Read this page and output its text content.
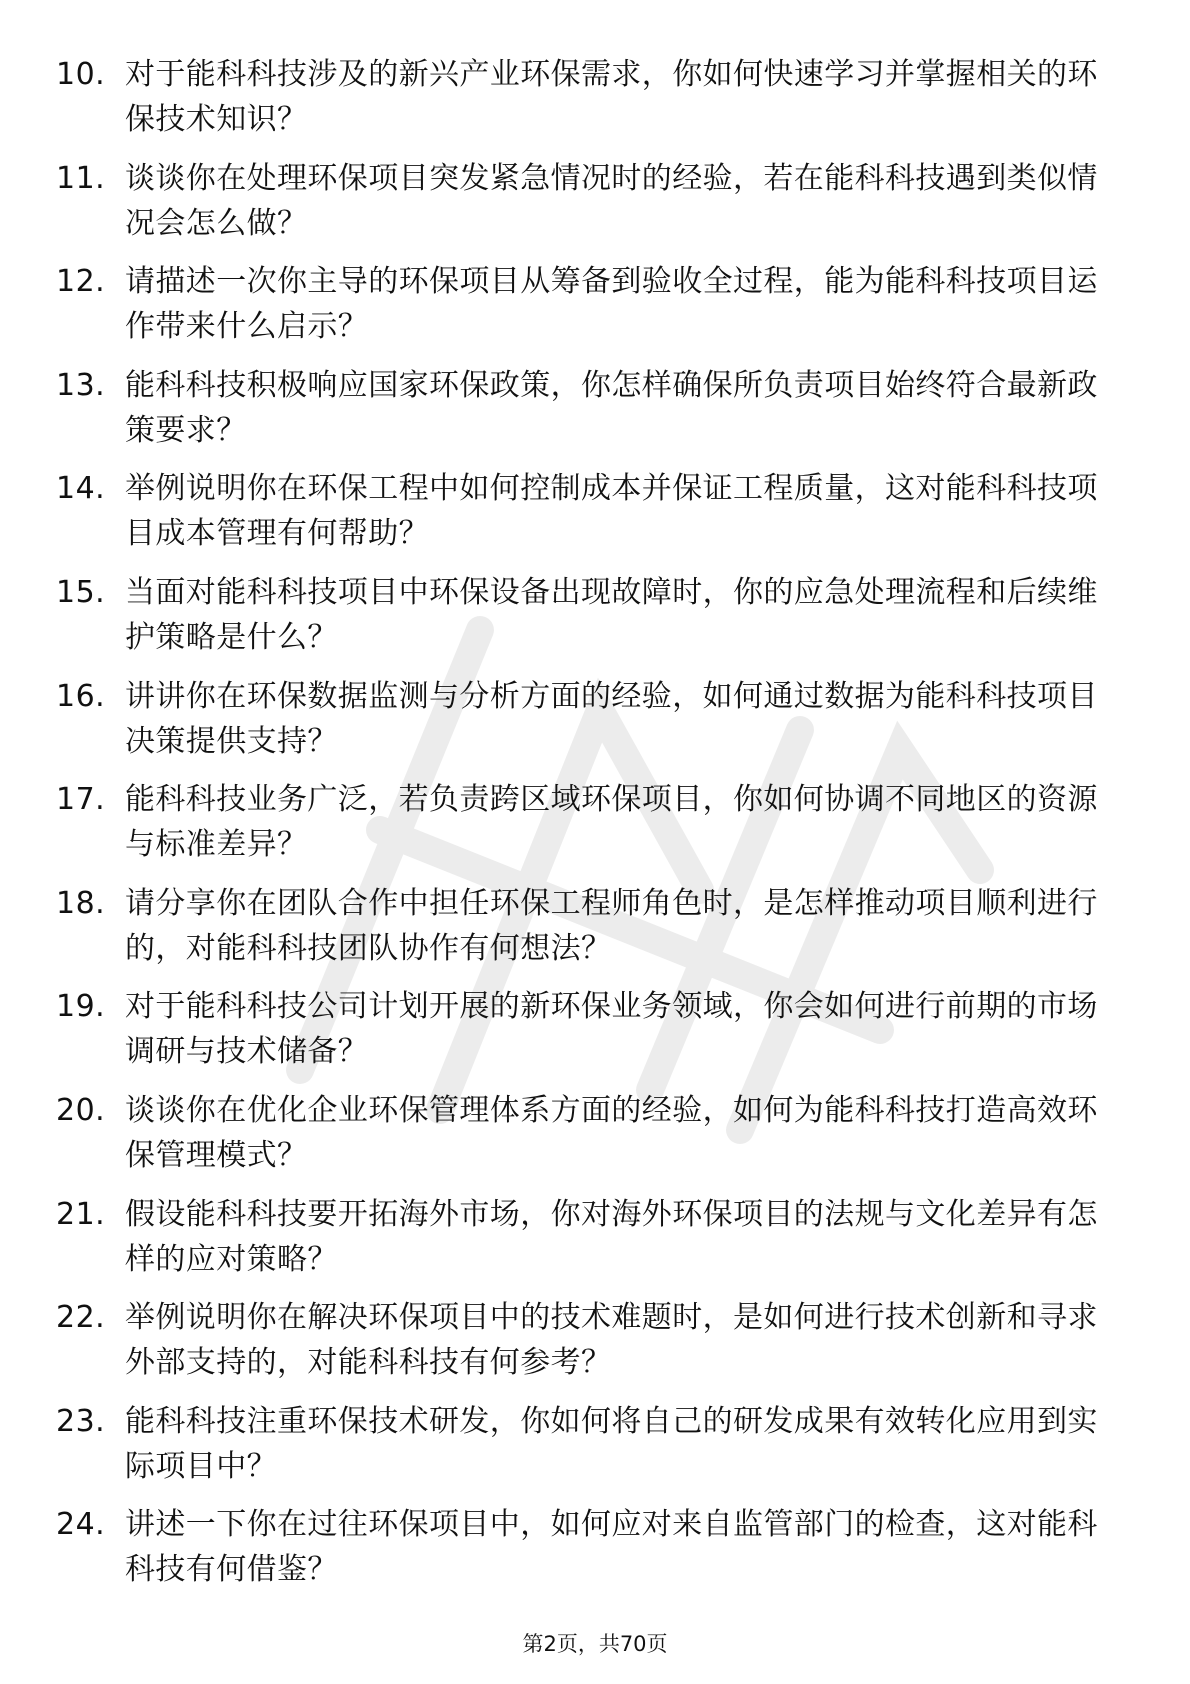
10. 对于能科科技涉及的新兴产业环保需求，你如何快速学习并掌握相关的环保技术知识？
11. 谈谈你在处理环保项目突发紧急情况时的经验，若在能科科技遇到类似情况会怎么做？
12. 请描述一次你主导的环保项目从筹备到验收全过程，能为能科科技项目运作带来什么启示？
13. 能科科技积极响应国家环保政策，你怎样确保所负责项目始终符合最新政策要求？
14. 举例说明你在环保工程中如何控制成本并保证工程质量，这对能科科技项目成本管理有何帮助？
15. 当面对能科科技项目中环保设备出现故障时，你的应急处理流程和后续维护策略是什么？
16. 讲讲你在环保数据监测与分析方面的经验，如何通过数据为能科科技项目决策提供支持？
17. 能科科技业务广泛，若负责跨区域环保项目，你如何协调不同地区的资源与标准差异？
18. 请分享你在团队合作中担任环保工程师角色时，是怎样推动项目顺利进行的，对能科科技团队协作有何想法？
19. 对于能科科技公司计划开展的新环保业务领域，你会如何进行前期的市场调研与技术储备？
20. 谈谈你在优化企业环保管理体系方面的经验，如何为能科科技打造高效环保管理模式？
21. 假设能科科技要开拓海外市场，你对海外环保项目的法规与文化差异有怎样的应对策略？
22. 举例说明你在解决环保项目中的技术难题时，是如何进行技术创新和寻求外部支持的，对能科科技有何参考？
23. 能科科技注重环保技术研发，你如何将自己的研发成果有效转化应用到实际项目中？
24. 讲述一下你在过往环保项目中，如何应对来自监管部门的检查，这对能科科技有何借鉴？
第2页，共70页
